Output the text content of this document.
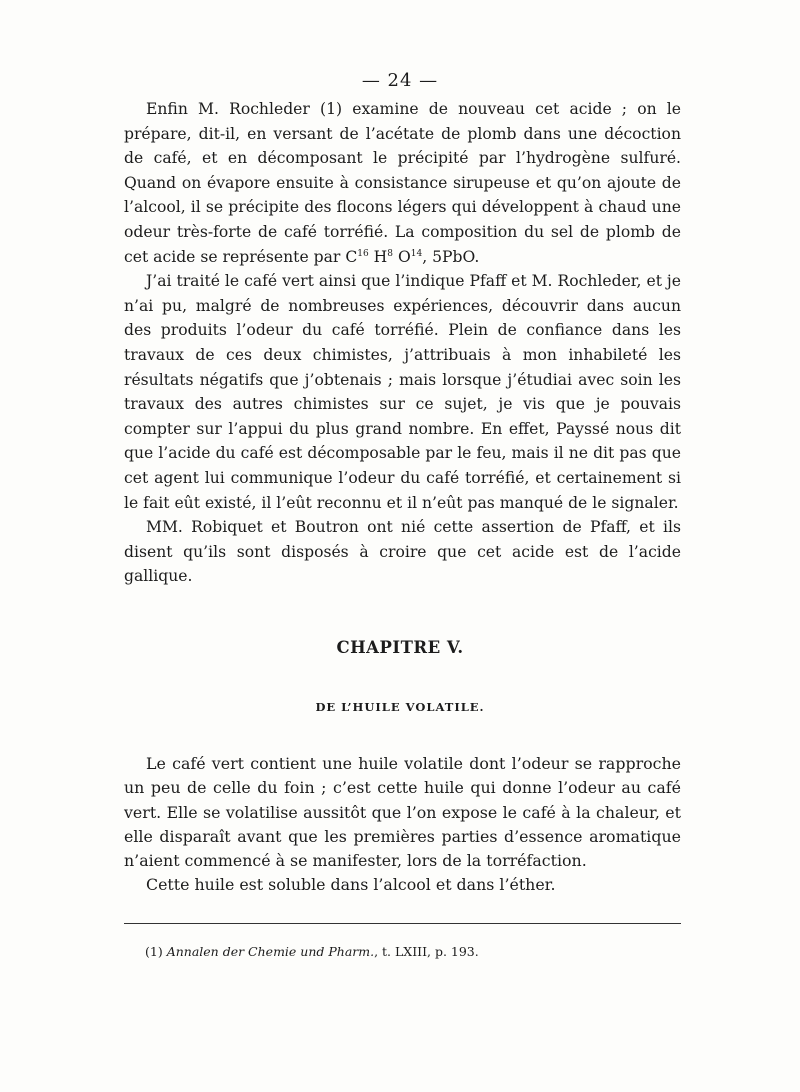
— 24 —

Enfin M. Rochleder (1) examine de nouveau cet acide ; on le prépare, dit-il, en versant de l’acétate de plomb dans une décoction de café, et en décomposant le précipité par l’hydrogène sulfuré. Quand on évapore ensuite à consistance sirupeuse et qu’on ajoute de l’alcool, il se précipite des flocons légers qui développent à chaud une odeur très-forte de café torréfié. La composition du sel de plomb de cet acide se représente par $C^{16}$ $H^8$ $O^{14}$, 5PbO.

J’ai traité le café vert ainsi que l’indique Pfaff et M. Rochleder, et je n’ai pu, malgré de nombreuses expériences, découvrir dans aucun des produits l’odeur du café torréfié. Plein de confiance dans les travaux de ces deux chimistes, j’attribuais à mon inhabileté les résultats négatifs que j’obtenais ; mais lorsque j’étudiai avec soin les travaux des autres chimistes sur ce sujet, je vis que je pouvais compter sur l’appui du plus grand nombre. En effet, Payssé nous dit que l’acide du café est décomposable par le feu, mais il ne dit pas que cet agent lui communique l’odeur du café torréfié, et certainement si le fait eût existé, il l’eût reconnu et il n’eût pas manqué de le signaler.

MM. Robiquet et Boutron ont nié cette assertion de Pfaff, et ils disent qu’ils sont disposés à croire que cet acide est de l’acide gallique.

CHAPITRE V.
DE L’HUILE VOLATILE.

Le café vert contient une huile volatile dont l’odeur se rapproche un peu de celle du foin ; c’est cette huile qui donne l’odeur au café vert. Elle se volatilise aussitôt que l’on expose le café à la chaleur, et elle disparaît avant que les premières parties d’essence aromatique n’aient commencé à se manifester, lors de la torréfaction.

Cette huile est soluble dans l’alcool et dans l’éther.

(1) Annalen der Chemie und Pharm., t. LXIII, p. 193.
